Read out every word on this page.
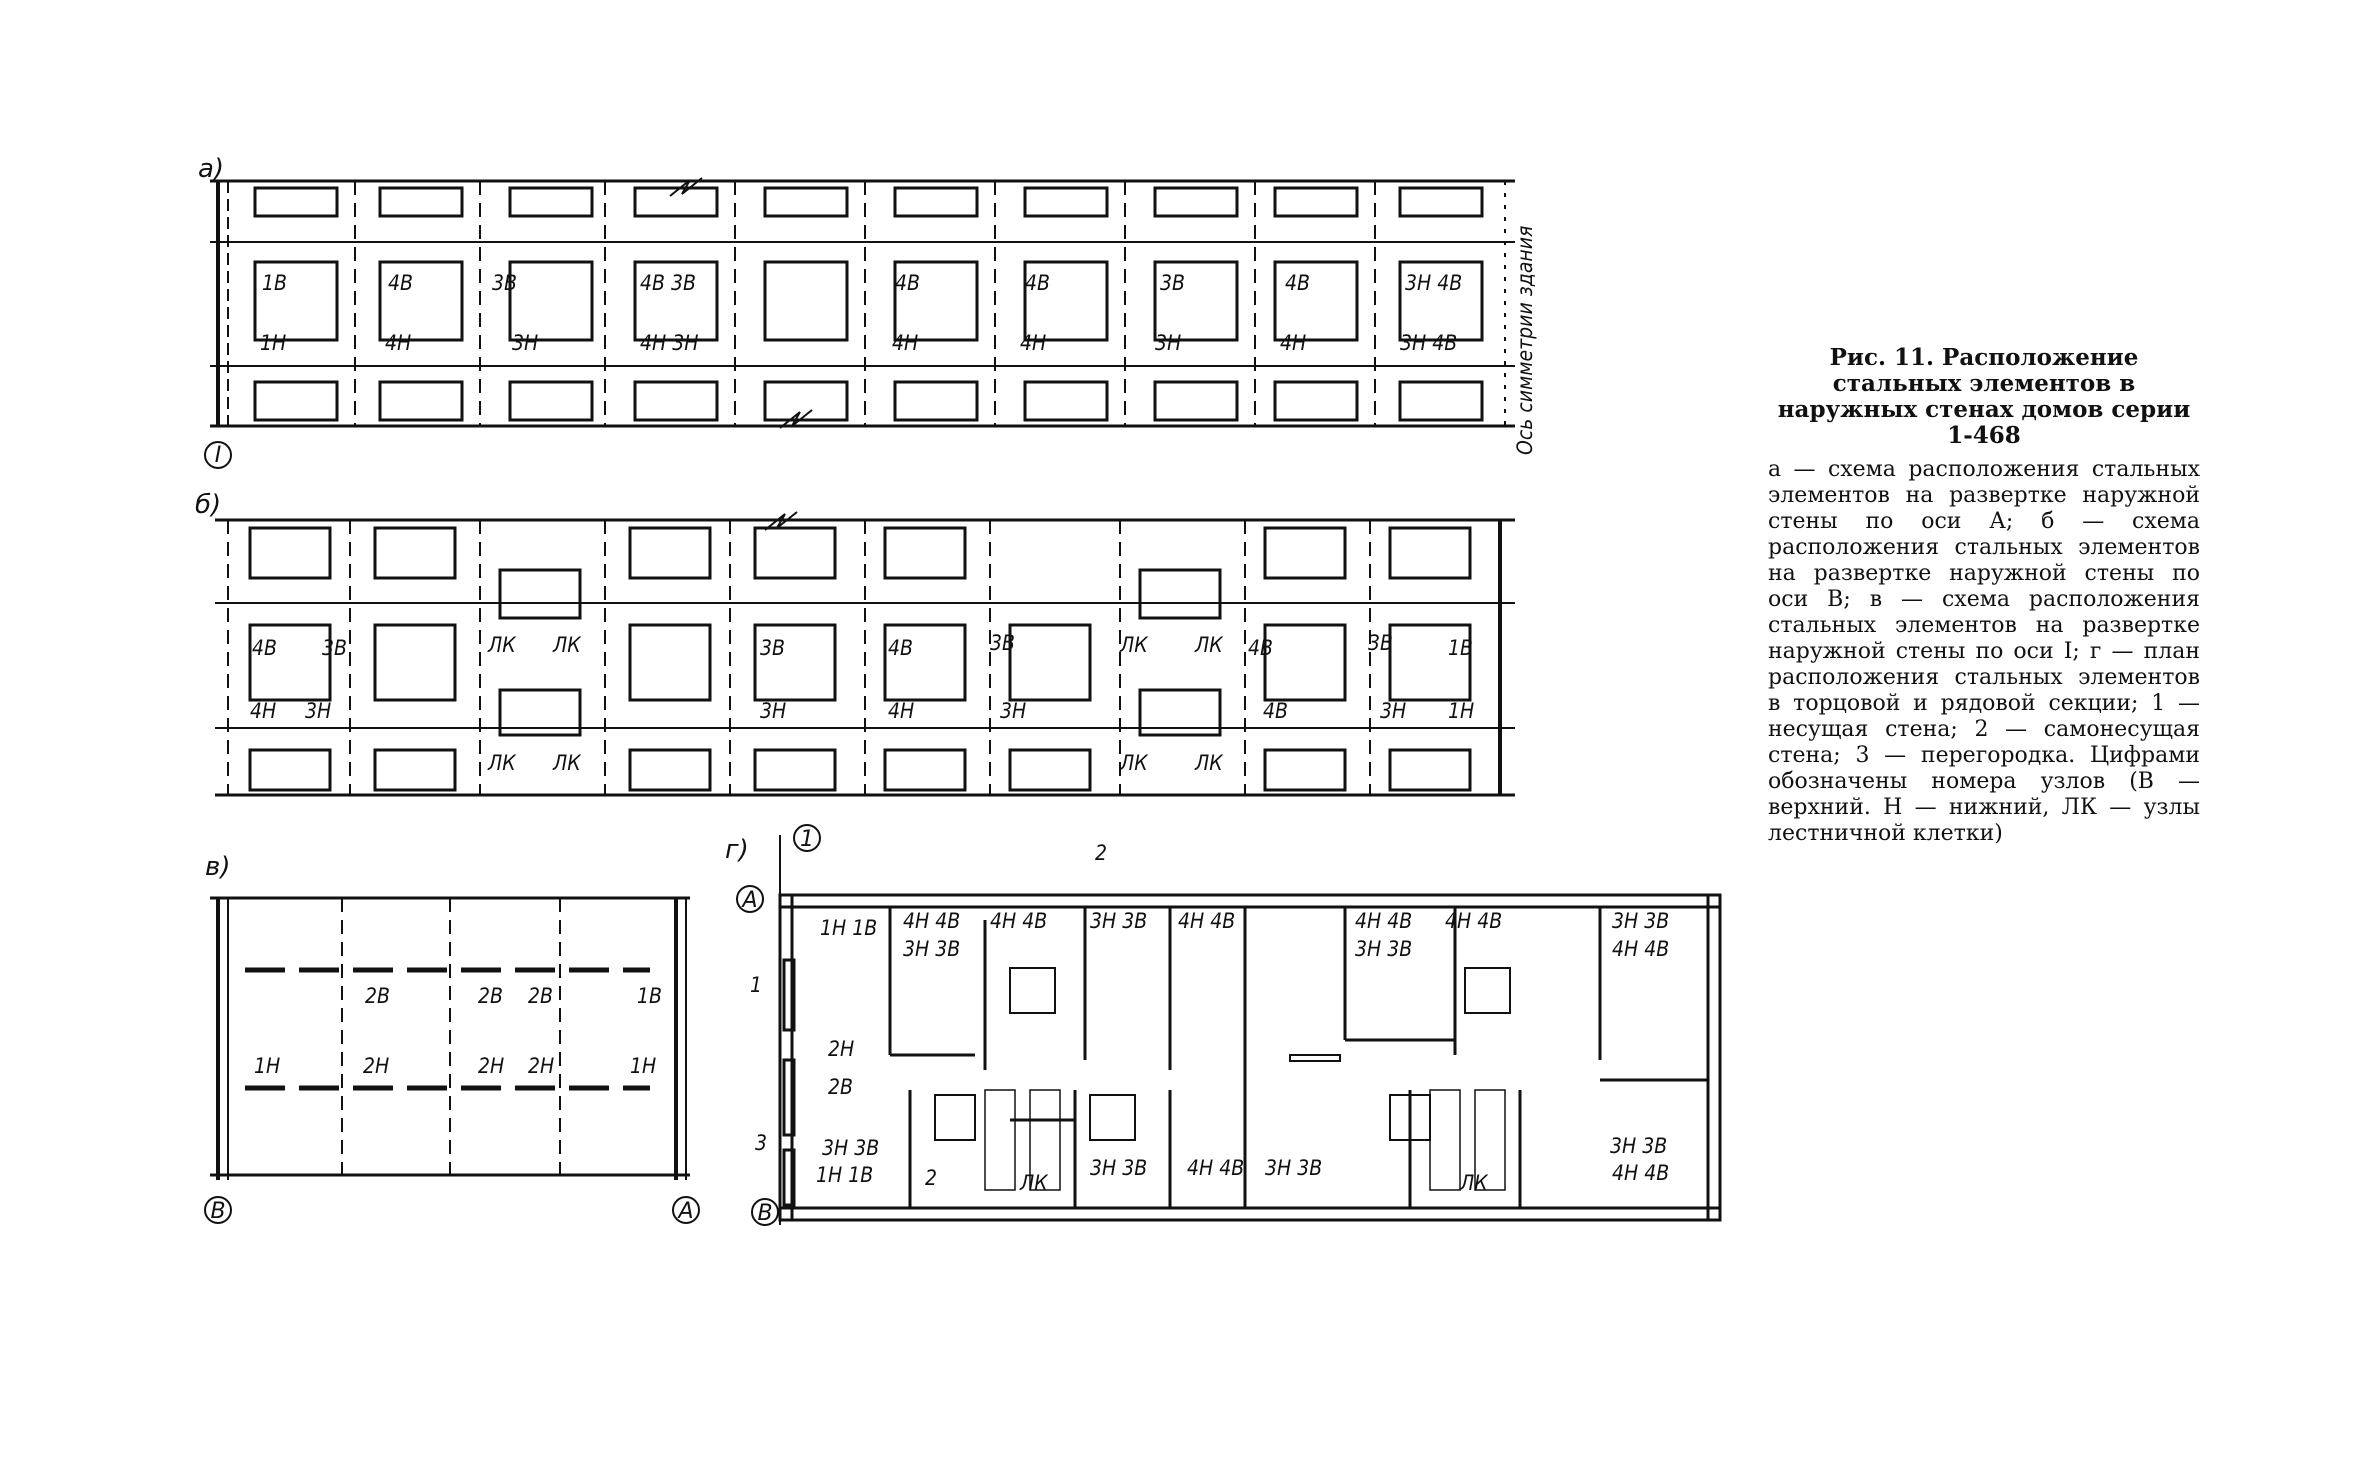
а)
I
Ось симметрии здания
1В	4В	3В	4В 3В	4В	4В	3В	4В	3Н 4В
1Н	4Н	3Н	4Н 3Н	4Н	4Н	3Н	4Н	3Н 4В
б)
4В 3В	ЛК ЛК	3В	4В	3В	ЛК ЛК 4В	3В	1В
4Н 3Н
ЛК ЛК
3Н	4Н	3Н
ЛК ЛК
4В	3Н 1Н
в)
В	А
2В	2В 2В	1В
1Н	2Н	2Н 2Н	1Н
г) 1
А
В
2
1
3
2
1Н 1В 4Н 4В
3Н 3В
4Н 4В 3Н 3В 4Н 4В	4Н 4В
3Н 3В
4Н 4В	3Н 3В
4Н 4В
2Н
2В
3Н 3В
1Н 1В	ЛК
3Н 3В 4Н 4В 3Н 3В
ЛК
3Н 3В
4Н 4В

Рис. 11. Расположение стальных элементов в наружных стенах домов серии 1-468

а — схема расположения стальных элементов на развертке наружной стены по оси А; б — схема расположения стальных элементов на развертке наружной стены по оси В; в — схема расположения стальных элементов на развертке наружной стены по оси I; г — план расположения стальных элементов в торцовой и рядовой секции; 1 — несущая стена; 2 — самонесущая стена; 3 — перегородка. Цифрами обозначены номера узлов (В — верхний. Н — нижний, ЛК — узлы лестничной клетки)
